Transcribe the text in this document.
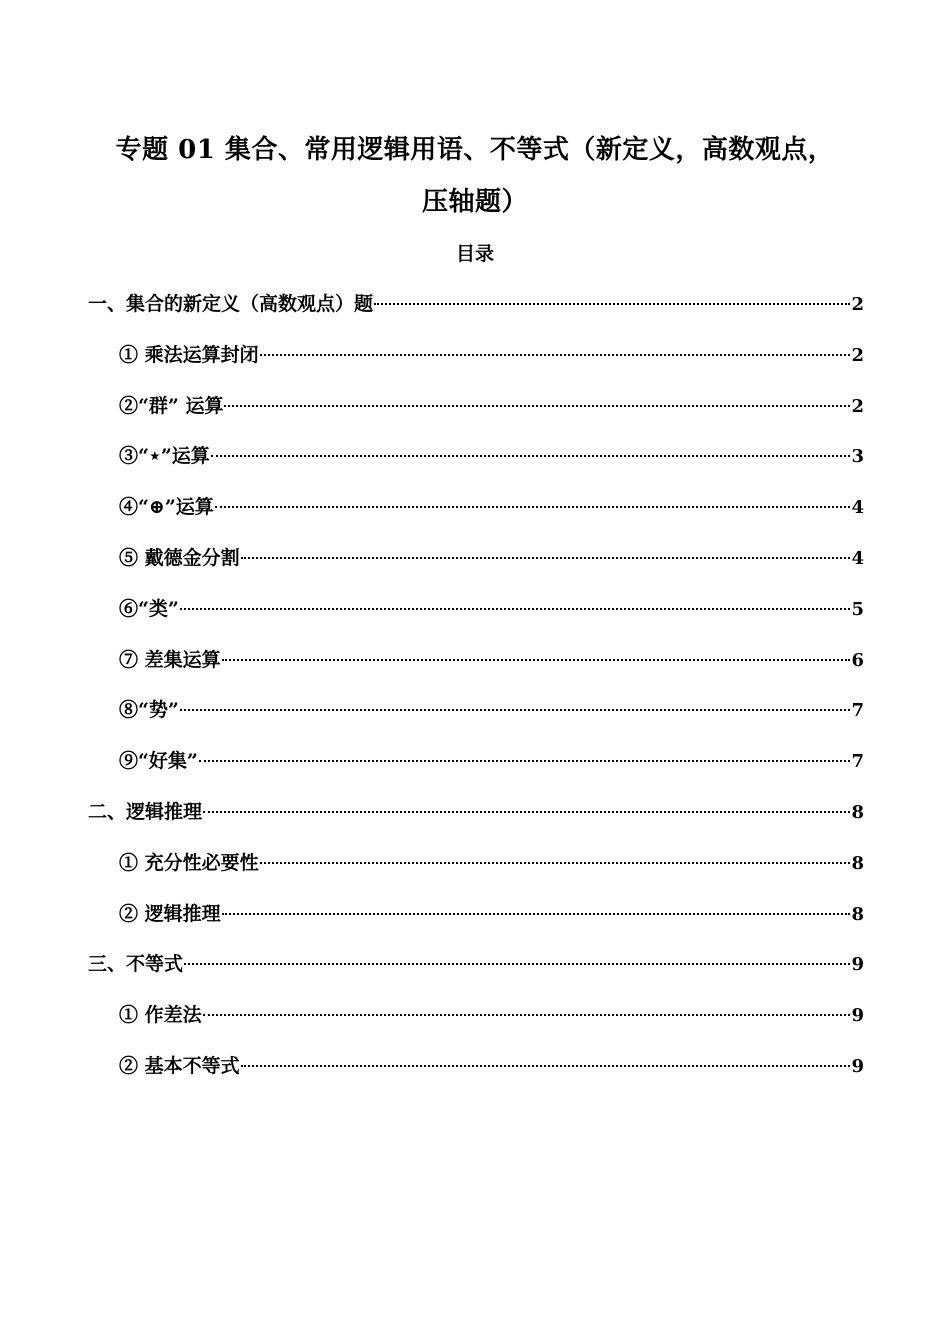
专题 01 集合、常用逻辑用语、不等式（新定义，高数观点，
压轴题）
目录
一、集合的新定义（高数观点）题	2
① 乘法运算封闭	2
②“群” 运算	2
③“⋆”运算	3
④“⊕”运算	4
⑤ 戴德金分割	4
⑥“类”	5
⑦ 差集运算	6
⑧“势”	7
⑨“好集”	7
二、逻辑推理	8
① 充分性必要性	8
② 逻辑推理	8
三、不等式	9
① 作差法	9
② 基本不等式	9
